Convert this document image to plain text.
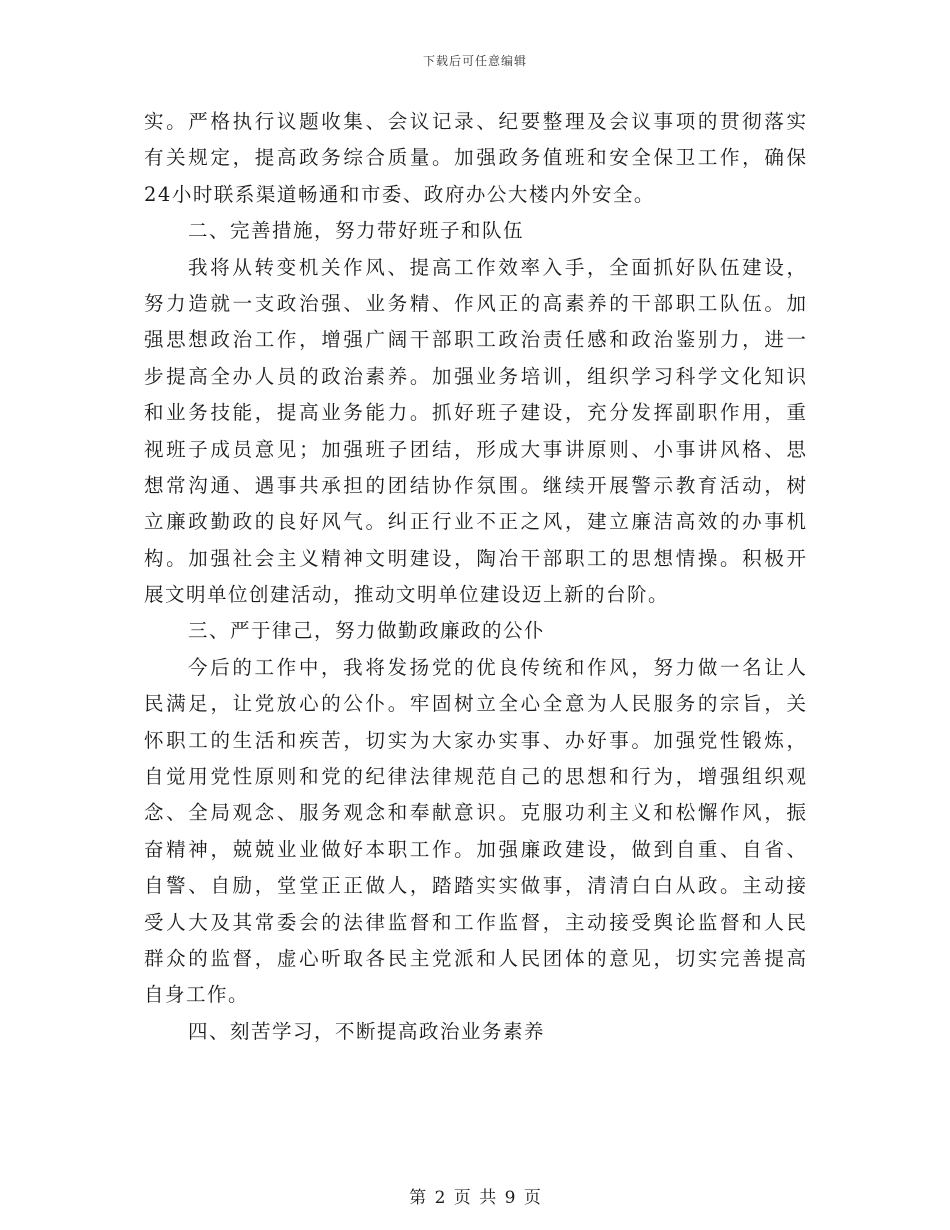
下载后可任意编辑
实。严格执行议题收集、会议记录、纪要整理及会议事项的贯彻落实
有关规定，提高政务综合质量。加强政务值班和安全保卫工作，确保
24小时联系渠道畅通和市委、政府办公大楼内外安全。
二、完善措施，努力带好班子和队伍
我将从转变机关作风、提高工作效率入手，全面抓好队伍建设，
努力造就一支政治强、业务精、作风正的高素养的干部职工队伍。加
强思想政治工作，增强广阔干部职工政治责任感和政治鉴别力，进一
步提高全办人员的政治素养。加强业务培训，组织学习科学文化知识
和业务技能，提高业务能力。抓好班子建设，充分发挥副职作用，重
视班子成员意见；加强班子团结，形成大事讲原则、小事讲风格、思
想常沟通、遇事共承担的团结协作氛围。继续开展警示教育活动，树
立廉政勤政的良好风气。纠正行业不正之风，建立廉洁高效的办事机
构。加强社会主义精神文明建设，陶冶干部职工的思想情操。积极开
展文明单位创建活动，推动文明单位建设迈上新的台阶。
三、严于律己，努力做勤政廉政的公仆
今后的工作中，我将发扬党的优良传统和作风，努力做一名让人
民满足，让党放心的公仆。牢固树立全心全意为人民服务的宗旨，关
怀职工的生活和疾苦，切实为大家办实事、办好事。加强党性锻炼，
自觉用党性原则和党的纪律法律规范自己的思想和行为，增强组织观
念、全局观念、服务观念和奉献意识。克服功利主义和松懈作风，振
奋精神，兢兢业业做好本职工作。加强廉政建设，做到自重、自省、
自警、自励，堂堂正正做人，踏踏实实做事，清清白白从政。主动接
受人大及其常委会的法律监督和工作监督，主动接受舆论监督和人民
群众的监督，虚心听取各民主党派和人民团体的意见，切实完善提高
自身工作。
四、刻苦学习，不断提高政治业务素养
第 2 页 共 9 页
